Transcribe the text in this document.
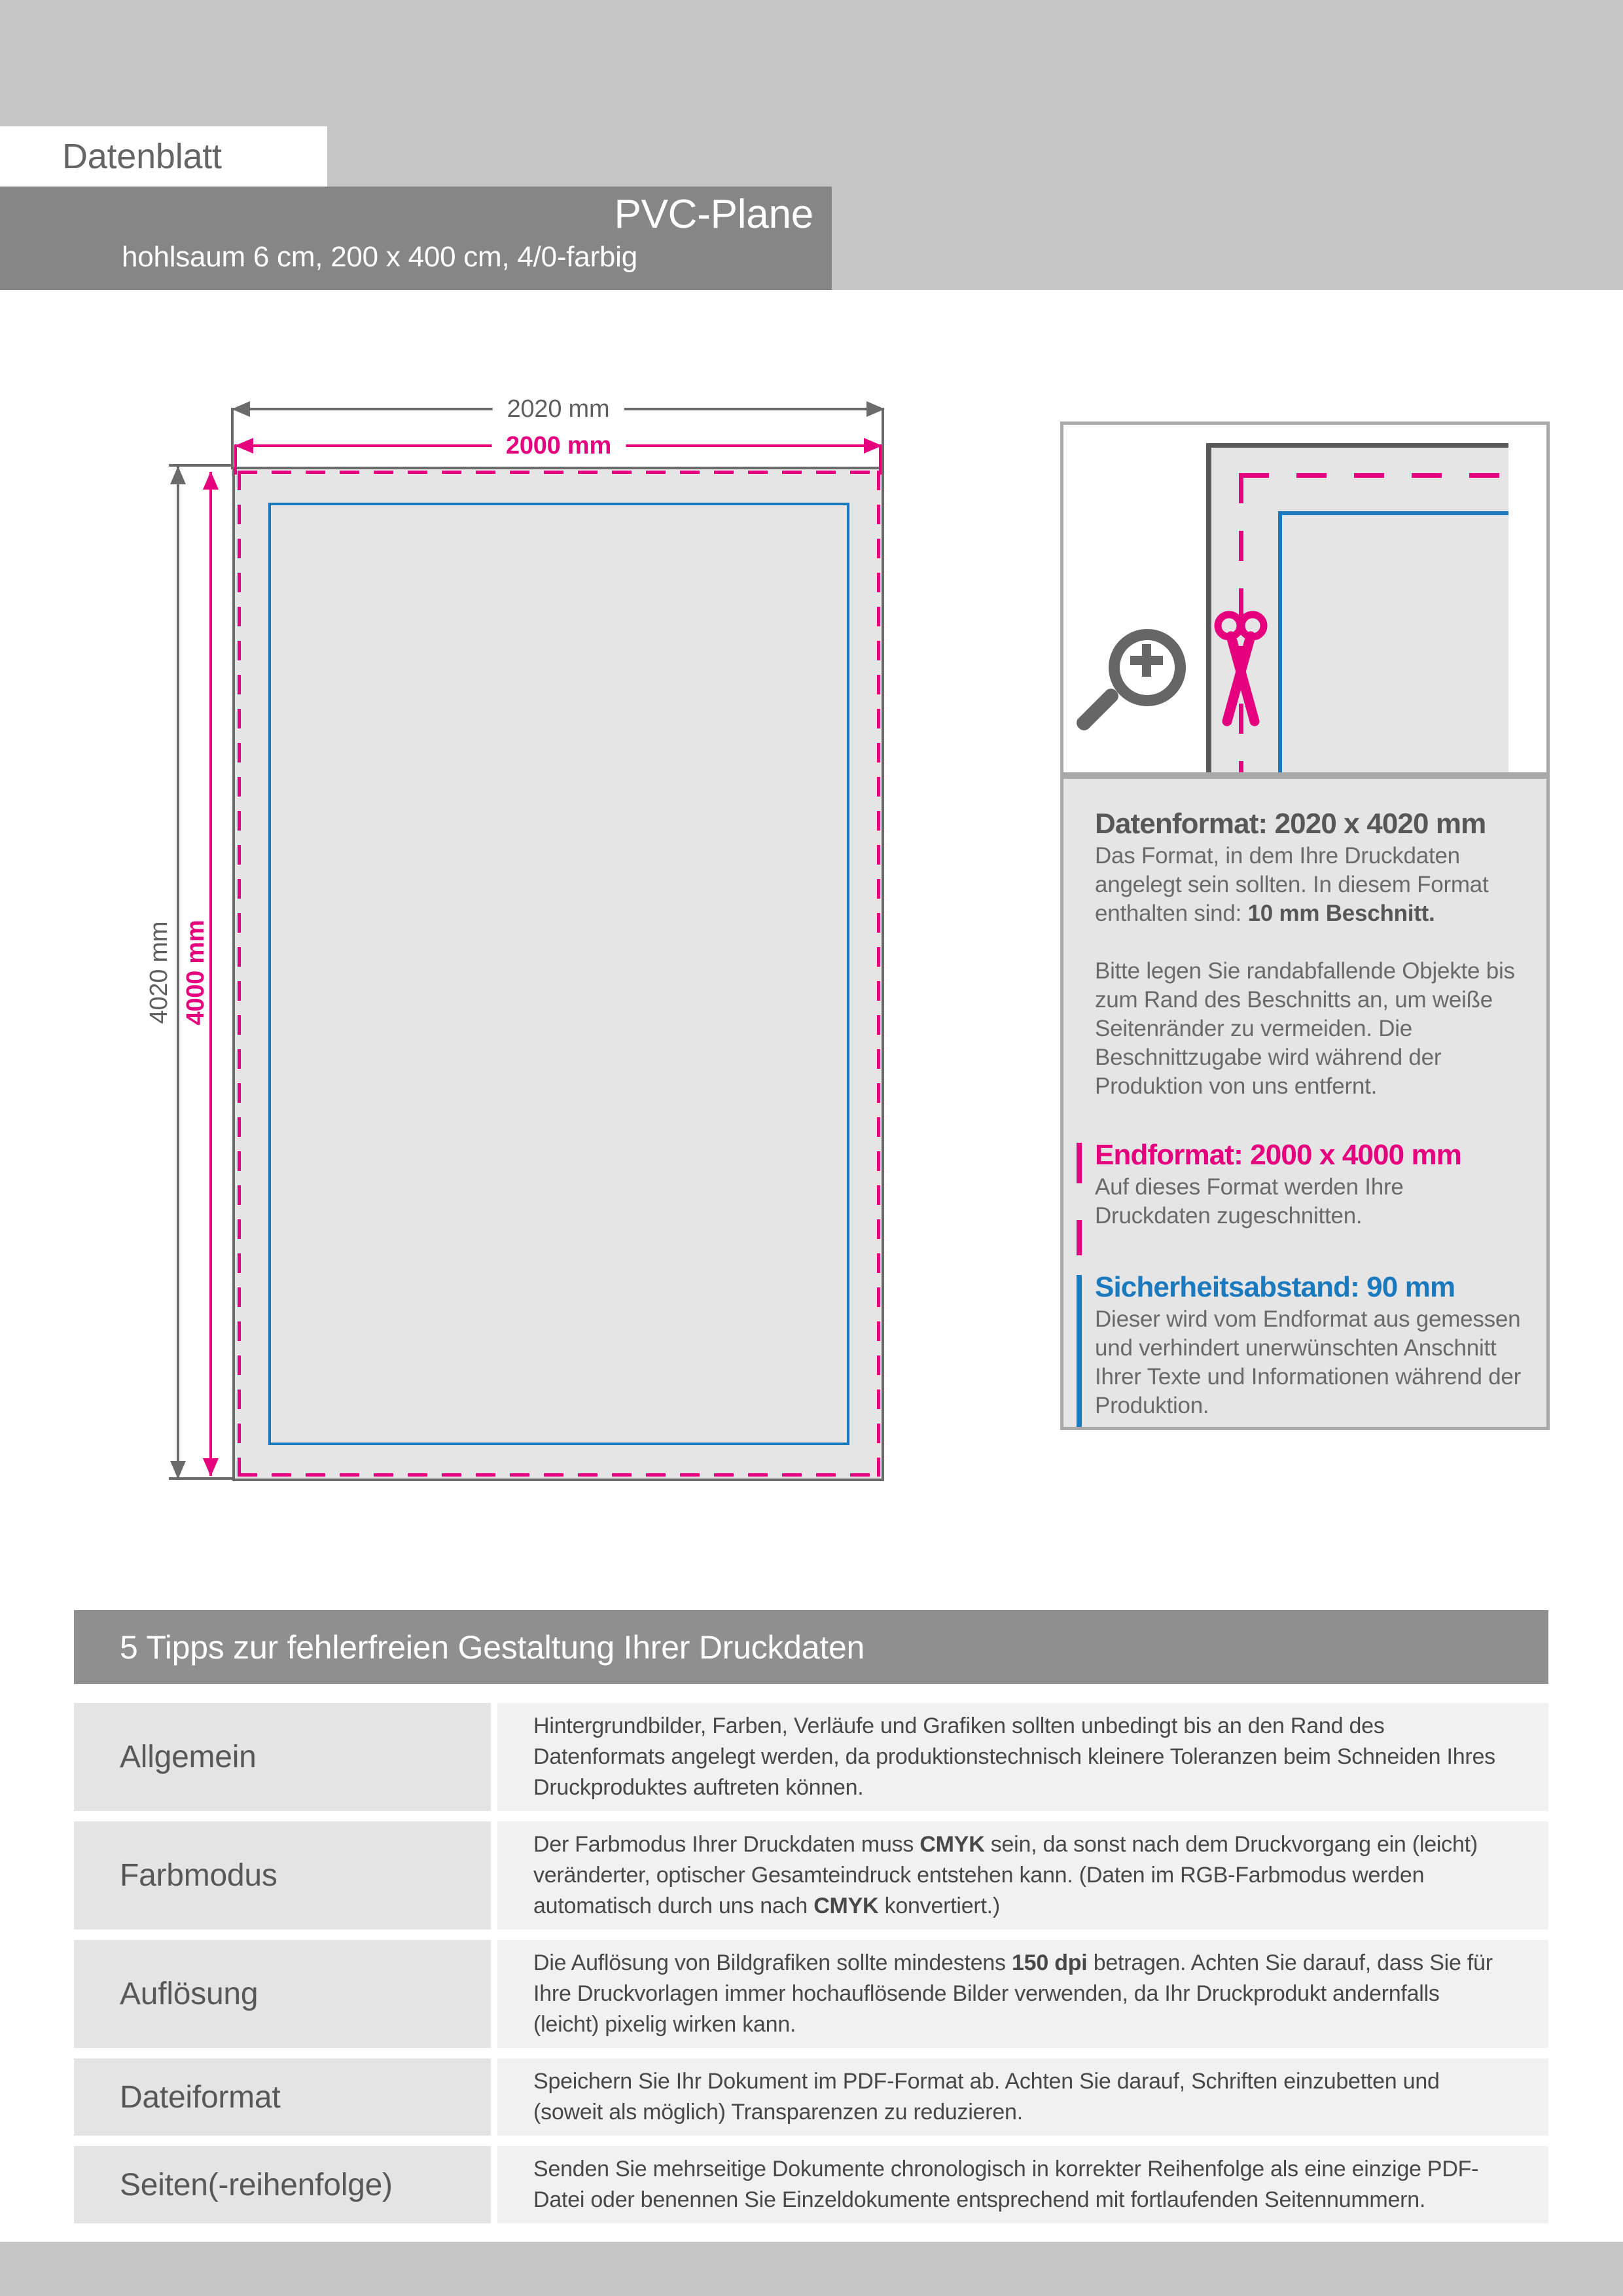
Datenblatt
PVC-Plane
hohlsaum 6 cm, 200 x 400 cm, 4/0-farbig
2020 mm
2000 mm
4020 mm 4000 mm
Datenformat: 2020 x 4020 mm

Das Format, in dem Ihre Druckdaten angelegt sein sollten. In diesem Format enthalten sind: 10 mm Beschnitt.

Bitte legen Sie randabfallende Objekte bis zum Rand des Beschnitts an, um weiße Seitenränder zu vermeiden. Die Beschnittzugabe wird während der Produktion von uns entfernt.

Endformat: 2000 x 4000 mm

Auf dieses Format werden Ihre Druckdaten zugeschnitten.

Sicherheitsabstand: 90 mm

Dieser wird vom Endformat aus gemessen und verhindert unerwünschten Anschnitt Ihrer Texte und Informationen während der Produktion.

5 Tipps zur fehlerfreien Gestaltung Ihrer Druckdaten
Allgemein
Hintergrundbilder, Farben, Verläufe und Grafiken sollten unbedingt bis an den Rand des Datenformats angelegt werden, da produktionstechnisch kleinere Toleranzen beim Schneiden Ihres Druckproduktes auftreten können.
Farbmodus
Der Farbmodus Ihrer Druckdaten muss CMYK sein, da sonst nach dem Druckvorgang ein (leicht) veränderter, optischer Gesamteindruck entstehen kann. (Daten im RGB-Farbmodus werden automatisch durch uns nach CMYK konvertiert.)
Auflösung
Die Auflösung von Bildgrafiken sollte mindestens 150 dpi betragen. Achten Sie darauf, dass Sie für Ihre Druckvorlagen immer hochauflösende Bilder verwenden, da Ihr Druckprodukt andernfalls (leicht) pixelig wirken kann.
Dateiformat	Speichern Sie Ihr Dokument im PDF-Format ab. Achten Sie darauf, Schriften einzubetten und (soweit als möglich) Transparenzen zu reduzieren.
Seiten(-reihenfolge)	Senden Sie mehrseitige Dokumente chronologisch in korrekter Reihenfolge als eine einzige PDF-Datei oder benennen Sie Einzeldokumente entsprechend mit fortlaufenden Seitennummern.
